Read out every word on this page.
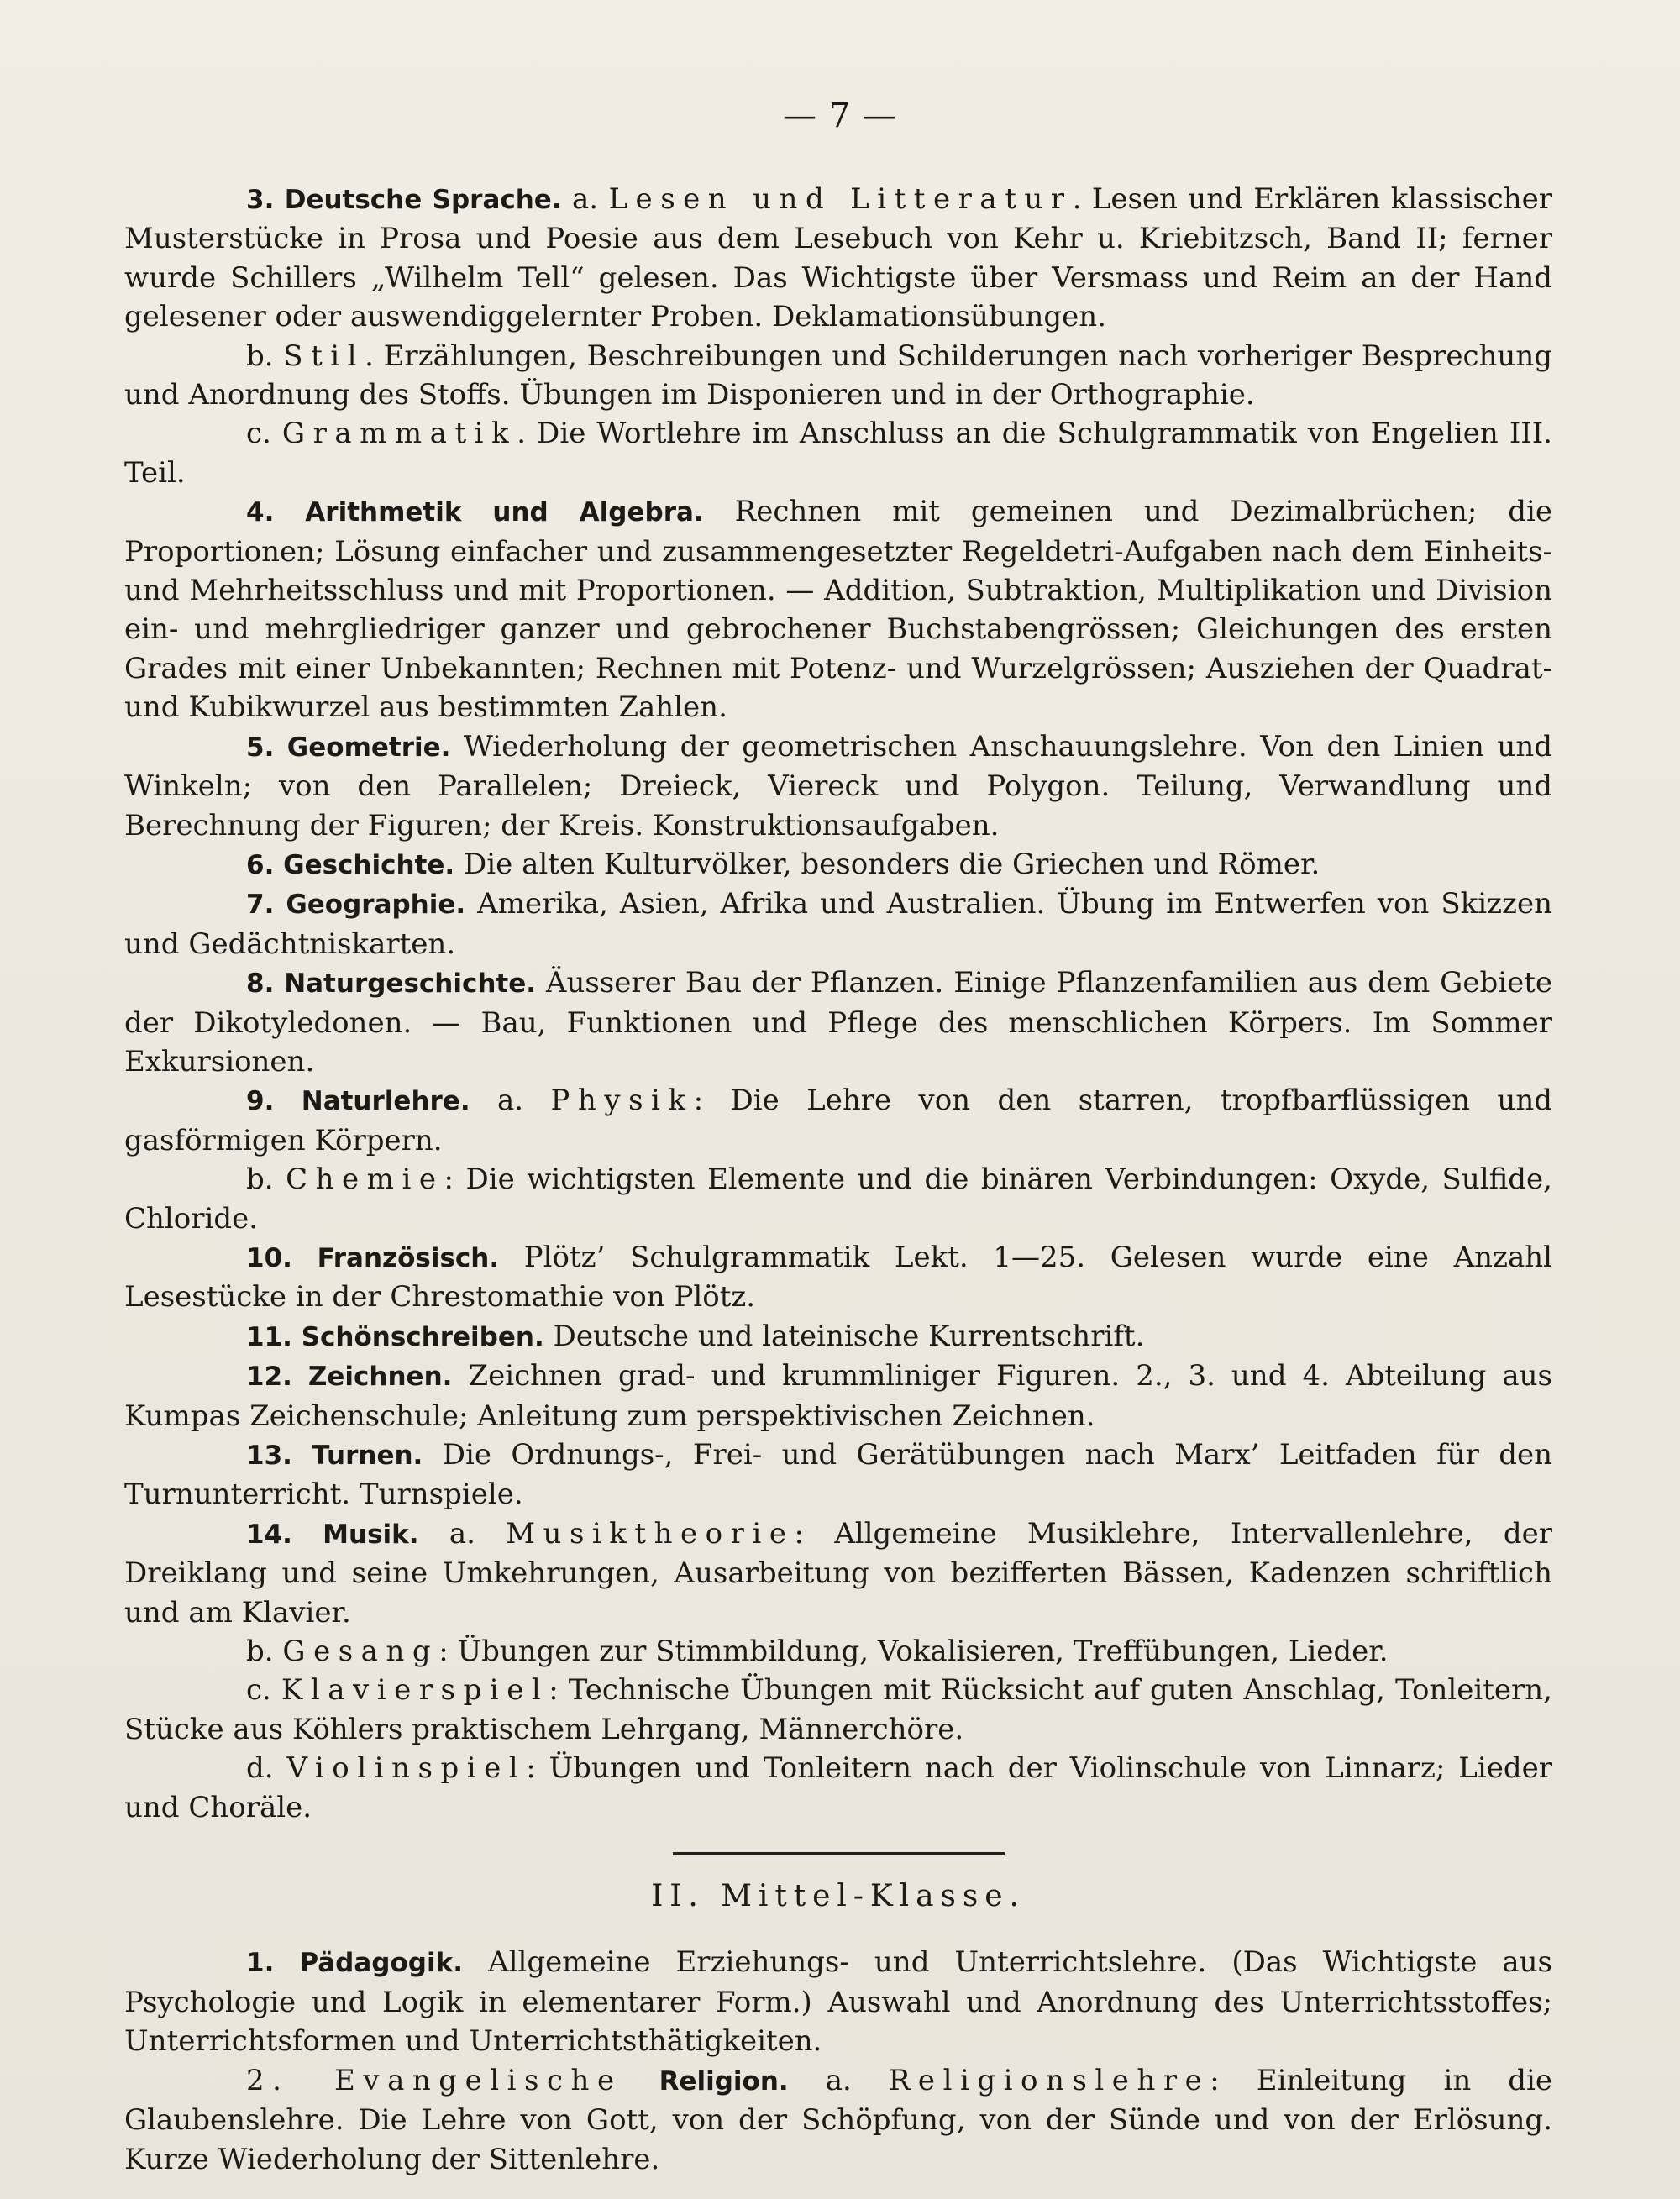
— 7 —

3. Deutsche Sprache. a. Lesen und Litteratur. Lesen und Erklären klassischer Musterstücke in Prosa und Poesie aus dem Lesebuch von Kehr u. Kriebitzsch, Band II; ferner wurde Schillers „Wilhelm Tell“ gelesen. Das Wichtigste über Versmass und Reim an der Hand gelesener oder auswendiggelernter Proben. Deklamationsübungen.

b. Stil. Erzählungen, Beschreibungen und Schilderungen nach vorheriger Besprechung und Anordnung des Stoffs. Übungen im Disponieren und in der Orthographie.

c. Grammatik. Die Wortlehre im Anschluss an die Schulgrammatik von Engelien III. Teil.

4. Arithmetik und Algebra. Rechnen mit gemeinen und Dezimalbrüchen; die Proportionen; Lösung einfacher und zusammengesetzter Regeldetri-Aufgaben nach dem Einheits- und Mehrheitsschluss und mit Proportionen. — Addition, Subtraktion, Multiplikation und Division ein- und mehrgliedriger ganzer und gebrochener Buchstabengrössen; Gleichungen des ersten Grades mit einer Unbekannten; Rechnen mit Potenz- und Wurzelgrössen; Ausziehen der Quadrat- und Kubikwurzel aus bestimmten Zahlen.

5. Geometrie. Wiederholung der geometrischen Anschauungslehre. Von den Linien und Winkeln; von den Parallelen; Dreieck, Viereck und Polygon. Teilung, Verwandlung und Berechnung der Figuren; der Kreis. Konstruktionsaufgaben.

6. Geschichte. Die alten Kulturvölker, besonders die Griechen und Römer.

7. Geographie. Amerika, Asien, Afrika und Australien. Übung im Entwerfen von Skizzen und Gedächtniskarten.

8. Naturgeschichte. Äusserer Bau der Pflanzen. Einige Pflanzenfamilien aus dem Gebiete der Dikotyledonen. — Bau, Funktionen und Pflege des menschlichen Körpers. Im Sommer Exkursionen.

9. Naturlehre. a. Physik: Die Lehre von den starren, tropfbarflüssigen und gasförmigen Körpern.

b. Chemie: Die wichtigsten Elemente und die binären Verbindungen: Oxyde, Sulfide, Chloride.

10. Französisch. Plötz’ Schulgrammatik Lekt. 1—25. Gelesen wurde eine Anzahl Lesestücke in der Chrestomathie von Plötz.

11. Schönschreiben. Deutsche und lateinische Kurrentschrift.

12. Zeichnen. Zeichnen grad- und krummliniger Figuren. 2., 3. und 4. Abteilung aus Kumpas Zeichenschule; Anleitung zum perspektivischen Zeichnen.

13. Turnen. Die Ordnungs-, Frei- und Gerätübungen nach Marx’ Leitfaden für den Turnunterricht. Turnspiele.

14. Musik. a. Musiktheorie: Allgemeine Musiklehre, Intervallenlehre, der Dreiklang und seine Umkehrungen, Ausarbeitung von bezifferten Bässen, Kadenzen schriftlich und am Klavier.

b. Gesang: Übungen zur Stimmbildung, Vokalisieren, Treffübungen, Lieder.

c. Klavierspiel: Technische Übungen mit Rücksicht auf guten Anschlag, Tonleitern, Stücke aus Köhlers praktischem Lehrgang, Männerchöre.

d. Violinspiel: Übungen und Tonleitern nach der Violinschule von Linnarz; Lieder und Choräle.

II. Mittel-Klasse.

1. Pädagogik. Allgemeine Erziehungs- und Unterrichtslehre. (Das Wichtigste aus Psychologie und Logik in elementarer Form.) Auswahl und Anordnung des Unterrichtsstoffes; Unterrichtsformen und Unterrichtsthätigkeiten.

2. Evangelische Religion. a. Religionslehre: Einleitung in die Glaubenslehre. Die Lehre von Gott, von der Schöpfung, von der Sünde und von der Erlösung. Kurze Wiederholung der Sittenlehre.
